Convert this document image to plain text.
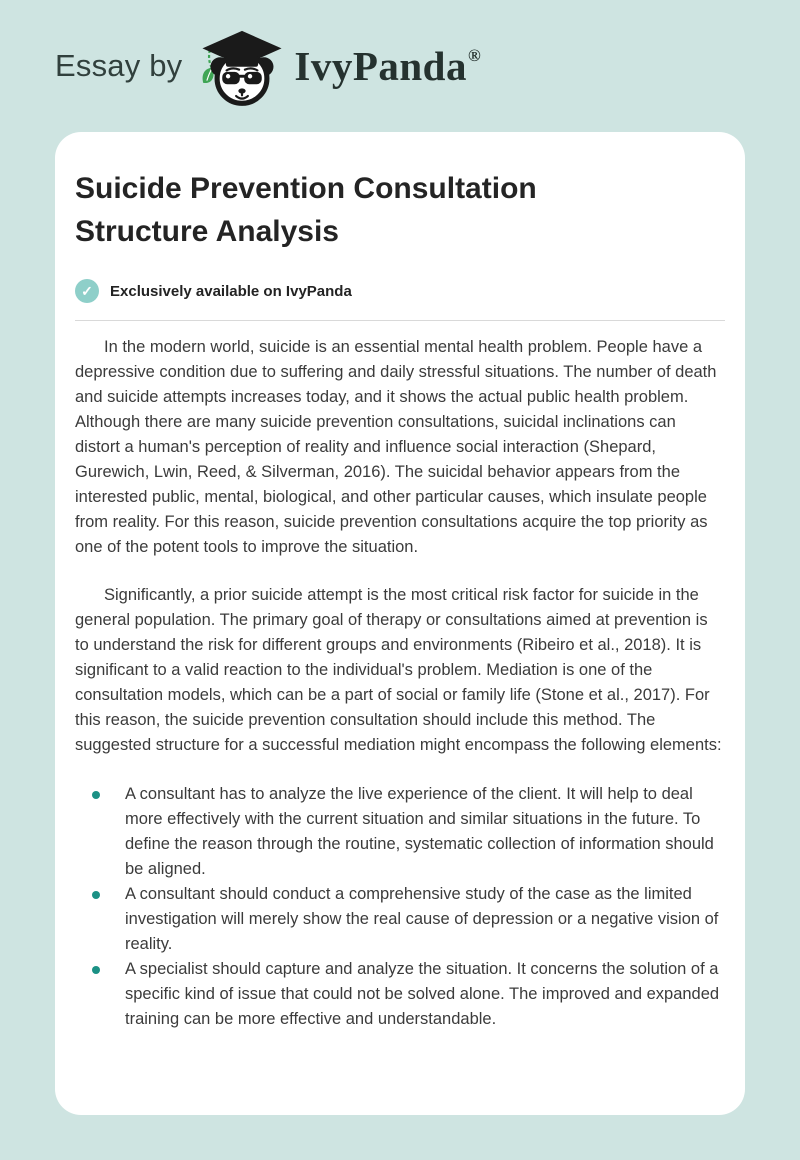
Essay by	IvyPanda®
Suicide Prevention Consultation Structure Analysis
✓	Exclusively available on IvyPanda

In the modern world, suicide is an essential mental health problem. People have a depressive condition due to suffering and daily stressful situations. The number of death and suicide attempts increases today, and it shows the actual public health problem. Although there are many suicide prevention consultations, suicidal inclinations can distort a human's perception of reality and influence social interaction (Shepard, Gurewich, Lwin, Reed, & Silverman, 2016). The suicidal behavior appears from the interested public, mental, biological, and other particular causes, which insulate people from reality. For this reason, suicide prevention consultations acquire the top priority as one of the potent tools to improve the situation.

Significantly, a prior suicide attempt is the most critical risk factor for suicide in the general population. The primary goal of therapy or consultations aimed at prevention is to understand the risk for different groups and environments (Ribeiro et al., 2018). It is significant to a valid reaction to the individual's problem. Mediation is one of the consultation models, which can be a part of social or family life (Stone et al., 2017). For this reason, the suicide prevention consultation should include this method. The suggested structure for a successful mediation might encompass the following elements:

A consultant has to analyze the live experience of the client. It will help to deal more effectively with the current situation and similar situations in the future. To define the reason through the routine, systematic collection of information should be aligned.
A consultant should conduct a comprehensive study of the case as the limited investigation will merely show the real cause of depression or a negative vision of reality.
A specialist should capture and analyze the situation. It concerns the solution of a specific kind of issue that could not be solved alone. The improved and expanded training can be more effective and understandable.
